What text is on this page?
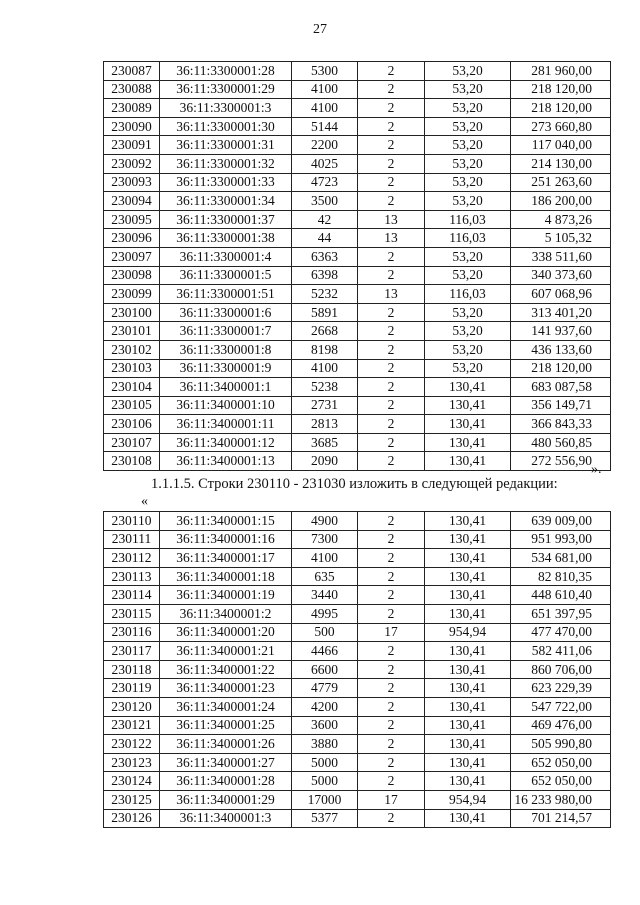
27
230087	36:11:3300001:28	5300	2	53,20	281 960,00
230088	36:11:3300001:29	4100	2	53,20	218 120,00
230089	36:11:3300001:3	4100	2	53,20	218 120,00
230090	36:11:3300001:30	5144	2	53,20	273 660,80
230091	36:11:3300001:31	2200	2	53,20	117 040,00
230092	36:11:3300001:32	4025	2	53,20	214 130,00
230093	36:11:3300001:33	4723	2	53,20	251 263,60
230094	36:11:3300001:34	3500	2	53,20	186 200,00
230095	36:11:3300001:37	42	13	116,03	4 873,26
230096	36:11:3300001:38	44	13	116,03	5 105,32
230097	36:11:3300001:4	6363	2	53,20	338 511,60
230098	36:11:3300001:5	6398	2	53,20	340 373,60
230099	36:11:3300001:51	5232	13	116,03	607 068,96
230100	36:11:3300001:6	5891	2	53,20	313 401,20
230101	36:11:3300001:7	2668	2	53,20	141 937,60
230102	36:11:3300001:8	8198	2	53,20	436 133,60
230103	36:11:3300001:9	4100	2	53,20	218 120,00
230104	36:11:3400001:1	5238	2	130,41	683 087,58
230105	36:11:3400001:10	2731	2	130,41	356 149,71
230106	36:11:3400001:11	2813	2	130,41	366 843,33
230107	36:11:3400001:12	3685	2	130,41	480 560,85
230108	36:11:3400001:13	2090	2	130,41	272 556,90
».
1.1.1.5. Строки 230110 - 231030 изложить в следующей редакции:
«
230110	36:11:3400001:15	4900	2	130,41	639 009,00
230111	36:11:3400001:16	7300	2	130,41	951 993,00
230112	36:11:3400001:17	4100	2	130,41	534 681,00
230113	36:11:3400001:18	635	2	130,41	82 810,35
230114	36:11:3400001:19	3440	2	130,41	448 610,40
230115	36:11:3400001:2	4995	2	130,41	651 397,95
230116	36:11:3400001:20	500	17	954,94	477 470,00
230117	36:11:3400001:21	4466	2	130,41	582 411,06
230118	36:11:3400001:22	6600	2	130,41	860 706,00
230119	36:11:3400001:23	4779	2	130,41	623 229,39
230120	36:11:3400001:24	4200	2	130,41	547 722,00
230121	36:11:3400001:25	3600	2	130,41	469 476,00
230122	36:11:3400001:26	3880	2	130,41	505 990,80
230123	36:11:3400001:27	5000	2	130,41	652 050,00
230124	36:11:3400001:28	5000	2	130,41	652 050,00
230125	36:11:3400001:29	17000	17	954,94	16 233 980,00
230126	36:11:3400001:3	5377	2	130,41	701 214,57
